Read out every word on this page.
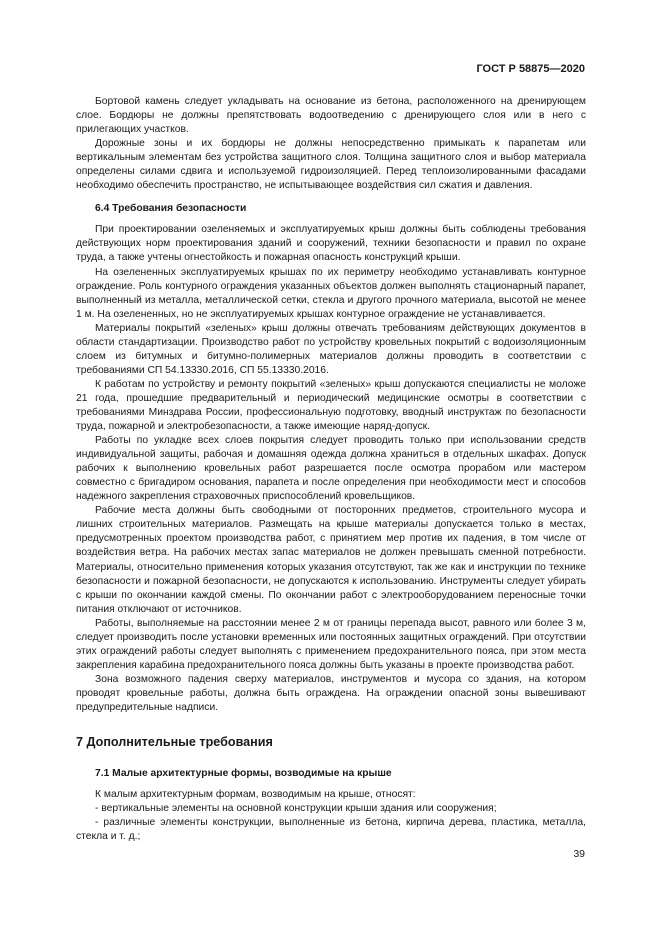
ГОСТ Р 58875—2020

Бортовой камень следует укладывать на основание из бетона, расположенного на дренирующем слое. Бордюры не должны препятствовать водоотведению с дренирующего слоя или в него с прилегающих участков.

Дорожные зоны и их бордюры не должны непосредственно примыкать к парапетам или вертикальным элементам без устройства защитного слоя. Толщина защитного слоя и выбор материала определены силами сдвига и используемой гидроизоляцией. Перед теплоизолированными фасадами необходимо обеспечить пространство, не испытывающее воздействия сил сжатия и давления.

6.4 Требования безопасности

При проектировании озеленяемых и эксплуатируемых крыш должны быть соблюдены требования действующих норм проектирования зданий и сооружений, техники безопасности и правил по охране труда, а также учтены огнестойкость и пожарная опасность конструкций крыши.

На озелененных эксплуатируемых крышах по их периметру необходимо устанавливать контурное ограждение. Роль контурного ограждения указанных объектов должен выполнять стационарный парапет, выполненный из металла, металлической сетки, стекла и другого прочного материала, высотой не менее 1 м. На озелененных, но не эксплуатируемых крышах контурное ограждение не устанавливается.

Материалы покрытий «зеленых» крыш должны отвечать требованиям действующих документов в области стандартизации. Производство работ по устройству кровельных покрытий с водоизоляционным слоем из битумных и битумно-полимерных материалов должны проводить в соответствии с требованиями СП 54.13330.2016, СП 55.13330.2016.

К работам по устройству и ремонту покрытий «зеленых» крыш допускаются специалисты не моложе 21 года, прошедшие предварительный и периодический медицинские осмотры в соответствии с требованиями Минздрава России, профессиональную подготовку, вводный инструктаж по безопасности труда, пожарной и электробезопасности, а также имеющие наряд-допуск.

Работы по укладке всех слоев покрытия следует проводить только при использовании средств индивидуальной защиты, рабочая и домашняя одежда должна храниться в отдельных шкафах. Допуск рабочих к выполнению кровельных работ разрешается после осмотра прорабом или мастером совместно с бригадиром основания, парапета и после определения при необходимости мест и способов надежного закрепления страховочных приспособлений кровельщиков.

Рабочие места должны быть свободными от посторонних предметов, строительного мусора и лишних строительных материалов. Размещать на крыше материалы допускается только в местах, предусмотренных проектом производства работ, с принятием мер против их падения, в том числе от воздействия ветра. На рабочих местах запас материалов не должен превышать сменной потребности. Материалы, относительно применения которых указания отсутствуют, так же как и инструкции по технике безопасности и пожарной безопасности, не допускаются к использованию. Инструменты следует убирать с крыши по окончании каждой смены. По окончании работ с электрооборудованием переносные точки питания отключают от источников.

Работы, выполняемые на расстоянии менее 2 м от границы перепада высот, равного или более 3 м, следует производить после установки временных или постоянных защитных ограждений. При отсутствии этих ограждений работы следует выполнять с применением предохранительного пояса, при этом места закрепления карабина предохранительного пояса должны быть указаны в проекте производства работ.

Зона возможного падения сверху материалов, инструментов и мусора со здания, на котором проводят кровельные работы, должна быть ограждена. На ограждении опасной зоны вывешивают предупредительные надписи.

7 Дополнительные требования

7.1 Малые архитектурные формы, возводимые на крыше

К малым архитектурным формам, возводимым на крыше, относят:

- вертикальные элементы на основной конструкции крыши здания или сооружения;

- различные элементы конструкции, выполненные из бетона, кирпича дерева, пластика, металла, стекла и т. д.;

39
